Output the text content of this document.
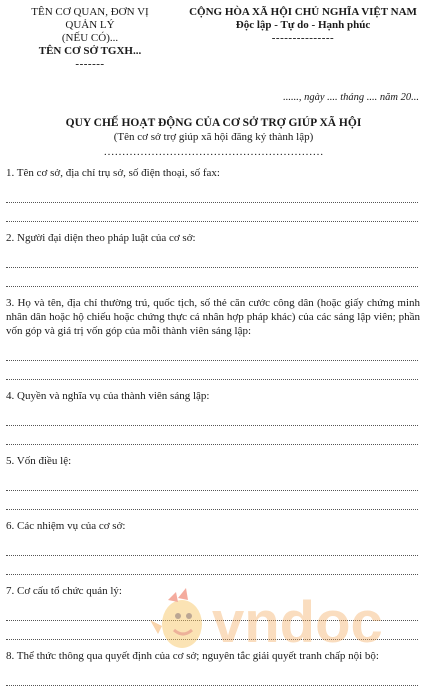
TÊN CƠ QUAN, ĐƠN VỊ
QUẢN LÝ
(NẾU CÓ)...
TÊN CƠ SỞ TGXH...
-------
CỘNG HÒA XÃ HỘI CHỦ NGHĨA VIỆT NAM
Độc lập - Tự do - Hạnh phúc
---------------
......, ngày .... tháng .... năm 20...
QUY CHẾ HOẠT ĐỘNG CỦA CƠ SỞ TRỢ GIÚP XÃ HỘI
(Tên cơ sở trợ giúp xã hội đăng ký thành lập)
……………………………………………………
1. Tên cơ sở, địa chỉ trụ sở, số điện thoại, số fax:
2. Người đại diện theo pháp luật của cơ sở:
3. Họ và tên, địa chỉ thường trú, quốc tịch, số thẻ căn cước công dân (hoặc giấy chứng minh nhân dân hoặc hộ chiếu hoặc chứng thực cá nhân hợp pháp khác) của các sáng lập viên; phần vốn góp và giá trị vốn góp của mỗi thành viên sáng lập:
4. Quyền và nghĩa vụ của thành viên sáng lập:
5. Vốn điều lệ:
6. Các nhiệm vụ của cơ sở:
7. Cơ cấu tổ chức quản lý:
8. Thể thức thông qua quyết định của cơ sở; nguyên tắc giải quyết tranh chấp nội bộ:
vndoc
